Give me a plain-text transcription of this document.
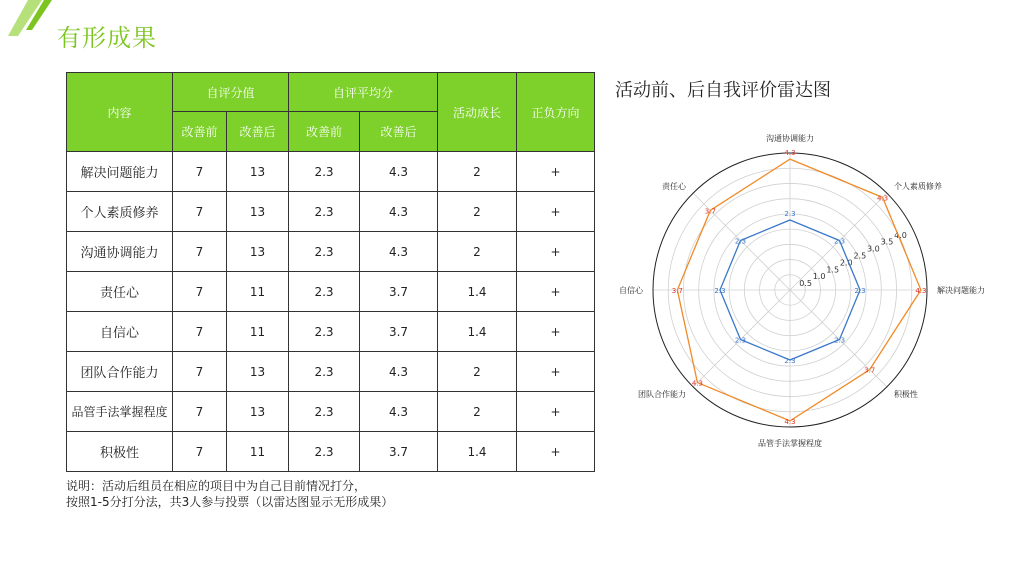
有形成果
内容	自评分值		自评平均分		活动成长	正负方向
	改善前	改善后	改善前	改善后		
解决问题能力	7	13	2.3	4.3	2	+
个人素质修养	7	13	2.3	4.3	2	+
沟通协调能力	7	13	2.3	4.3	2	+
责任心	7	11	2.3	3.7	1.4	+
自信心	7	11	2.3	3.7	1.4	+
团队合作能力	7	13	2.3	4.3	2	+
品管手法掌握程度	7	13	2.3	4.3	2	+
积极性	7	11	2.3	3.7	1.4	+
说明：活动后组员在相应的项目中为自己目前情况打分，
按照1-5分打分法，共3人参与投票（以雷达图显示无形成果）
活动前、后自我评价雷达图
0.5
1.0
1.5
2.0
2.5
3.0
3.5
4.0
2.3
2.3
2.3
2.3
2.3
2.3
2.3
2.3
4.3
4.3
4.3
3.7
4.3
4.3
3.7
3.7
沟通协调能力
个人素质修养
解决问题能力
积极性
品管手法掌握程度
团队合作能力
自信心
责任心
